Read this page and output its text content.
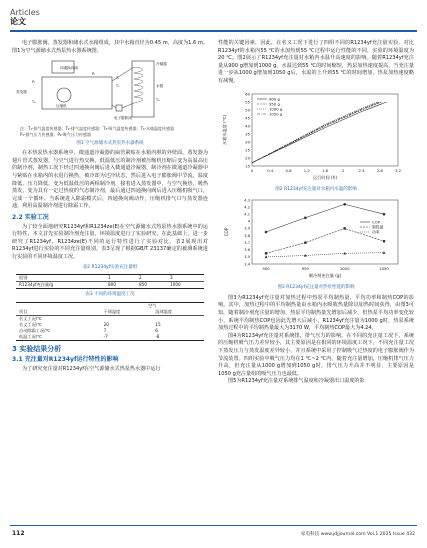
Articles
论文

电子膨胀阀、蒸发器和储水式水箱组成，其中水箱直径为0.45 m，高度为1.6 m。图1为空气源储水式热泵热水器系统图。

四通换向阀
冷凝器
电子膨胀阀
压缩机
水箱
蒸发器
T₁
T₂
T₃	T₄
P₁
P₂
注：T₁-排气温度传感器；T₂-排气温度传感器；T₃-吸气温度传感器；T₄-水箱温度传感器
P₁-排气压力传感器；P₂-吸气压力传感器
图1 空气源储水式热泵热水器系统

在本热泵热水器系统中，微通道冷凝器的扁管紧贴在水箱内胆的外壁面。蒸发器为翅片管式蒸发器，与空气进行热交换。低温低压的制冷剂被压缩机压缩后变为高温高压的制冷剂，制热工况下经过四通换向阀后进入微通道冷凝器，制冷剂在微通道冷凝器中与紧贴在水箱内的水进行换热，被冷却为过冷状态，然后进入电子膨胀阀中节流，温度降低，压力降低，变为低温低压的两相制冷剂，接着进入蒸发器中，与空气换热，吸热蒸发，变为具有一定过热度的气态制冷剂，最后通过四通换向阀后进入压缩机吸气口，完成一个循环。当系统进入除霜模式后，四通换向阀动作，压缩机排气口与蒸发器连通，利用高温制冷剂进行除霜工作。

2.2 实验工况

为了较全面地研究R1234yf和R1234ze(E)在空气源储水式热泵热水器系统中的运行特性，本文首先实验制冷剂充注量，环境温度进行了实验研究。在此基础上，进一步研究了R1234yf、R1234ze(E)不同的运行特性进行了实验对比。表2展现出对R1234yf进行实验的不同充注量组别，表3呈现了根据GB/T 23137确定的被测系统进行实验的不同环境温度工况。

表2 R1234yf实验充注量组
组别	1	2	3
R1234yf充注量/g	800	850	1000
表3 不同的环境温度工况
	空气	
项目	干球温度	湿球温度
名义工况/℃		
名义工况/℃	20	15
自动除霜工况/℃	7	6
低温工况/℃	-7	-8
3 实验结果分析
3.1 充注量对R1234yf运行特性的影响

为了研究充注量对R1234yf在空气源储水式热泵热水器中运行

性能的关键因素，因此，在名义工况下进行了四组不同的R1234yf充注量实验。对比R1234yf的水箱内55 ℃的水加热到55 ℃过程中运行性能的不同，实验的环境温度为20 ℃。图2展示了R1234yf充注量对水箱内水温升高速度的影响。随着R1234yf充注量从900 g增加到1000 g，水温达到55 ℃的时间缩短，热泵加热速度提高，当充注量进一步从1000 g增加到1050 g后，水温的上升到55 ℃的时间增加，热泵加热速度略有减慢。

0	0.4	0.8	1.2	1.6	2	2.4	2.8	3.2
15
20
25
30
35
40
45
50
55
60
运行时间 (h)
水箱水温度 (℃)
900 g
950 g
1000 g
1050 g
图2 R1234yf充注量对水箱内水温的影响
900	950	1000	1050
3.4
3.5
3.6
3.7
3.8
3.9
4
4.1
4.2
4.3
制冷剂充注量 (g)
COP
COP
制热量
功率
图3 R1234yf充注量对热泵性能的影响

图3为R1234yf充注量对加热过程中热泵平均制热量、平均功率和制热COP的影响。其中，加热过程中的平均制热量由水箱内水吸收热量除以加热时间获得，由图3可知，随着制冷剂充注量的增加，热泵平均制热量先增加后减少，但热泵平均功率变化较小，系统平均制热COP也因此先增大后减小，R1234yf充注量为1000 g时，热泵系统加热过程中的平均制热量最大为3170 W，平均制热COP最大为4.24。

图4为R1234yf充注量对系统排、排气压力的影响。在不同的充注量工况下，系统的压缩机吸气压力差异较小，其主要原因是在相同的环境温度工况下，不同充注量工况下蒸发压力与蒸发温度差异较小，并且系统中采用了控制吸气过热度的电子膨胀阀作为节流装置。四组实验中吸气压力均在1 ℃~2 ℃内。随着充注量增加，压缩机排气压力升高，但充注量从1000 g增加到1050 g时，排气压力升高并不明显，主要原因是1050 g充注量组的吸气压力也最低。

图5为R1234yf充注量对系统排气温度和冷凝器出口温度的影

112	家电科技 www.jdjjournal.com Vol.1 2025 Issue 432
